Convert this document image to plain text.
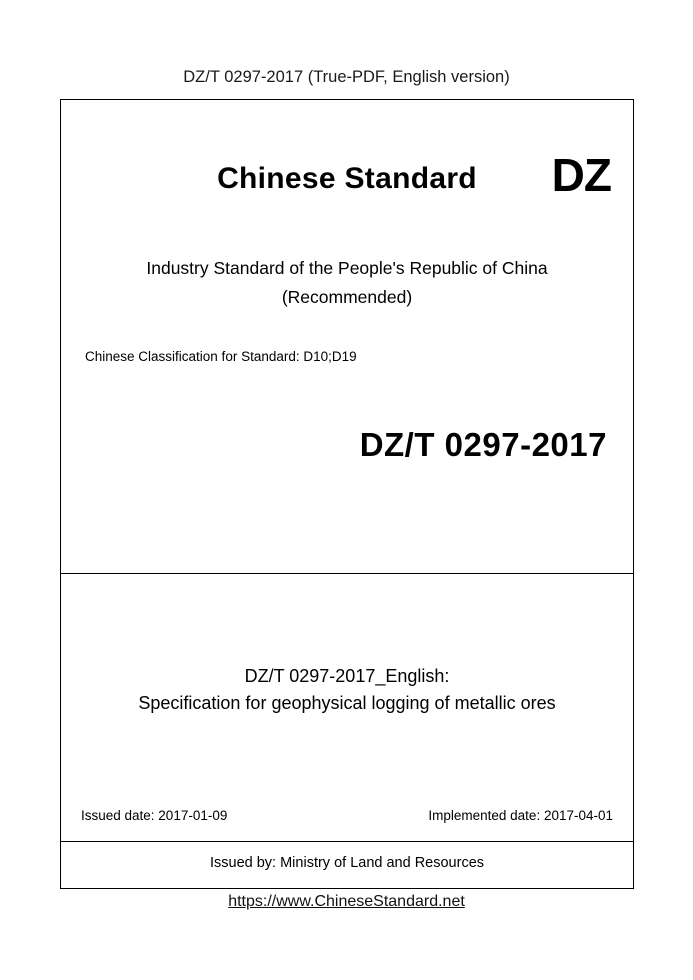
DZ/T 0297-2017 (True-PDF, English version)
Chinese Standard	DZ
Industry Standard of the People's Republic of China
(Recommended)
Chinese Classification for Standard: D10;D19
DZ/T 0297-2017
DZ/T 0297-2017_English:
Specification for geophysical logging of metallic ores
Issued date: 2017-01-09	Implemented date: 2017-04-01
Issued by: Ministry of Land and Resources
https://www.ChineseStandard.net
